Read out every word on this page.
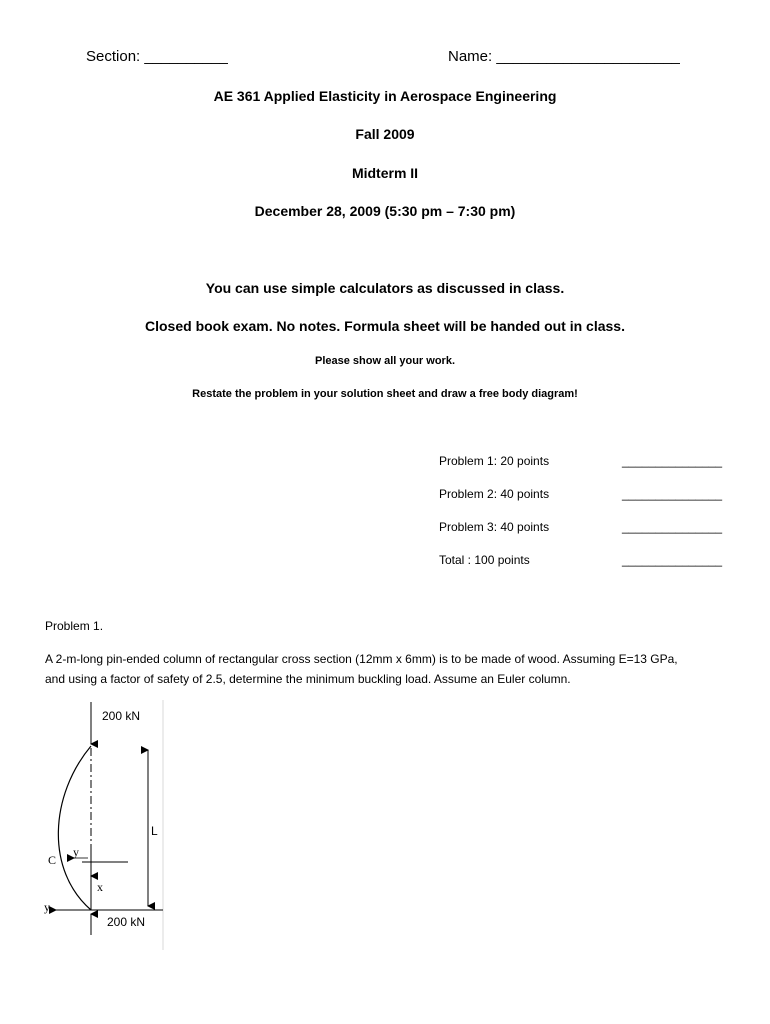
Section: __________	Name: ______________________
AE 361 Applied Elasticity in Aerospace Engineering
Fall 2009
Midterm II
December 28, 2009 (5:30 pm – 7:30 pm)
You can use simple calculators as discussed in class.
Closed book exam. No notes. Formula sheet will be handed out in class.
Please show all your work.
Restate the problem in your solution sheet and draw a free body diagram!
Problem 1: 20 points	_______________
Problem 2: 40 points	_______________
Problem 3: 40 points	_______________
Total : 100 points	_______________
Problem 1.
A 2-m-long pin-ended column of rectangular cross section (12mm x 6mm) is to be made of wood. Assuming E=13 GPa,
and using a factor of safety of 2.5, determine the minimum buckling load. Assume an Euler column.
200 kN
L
C
y
x
y
200 kN
